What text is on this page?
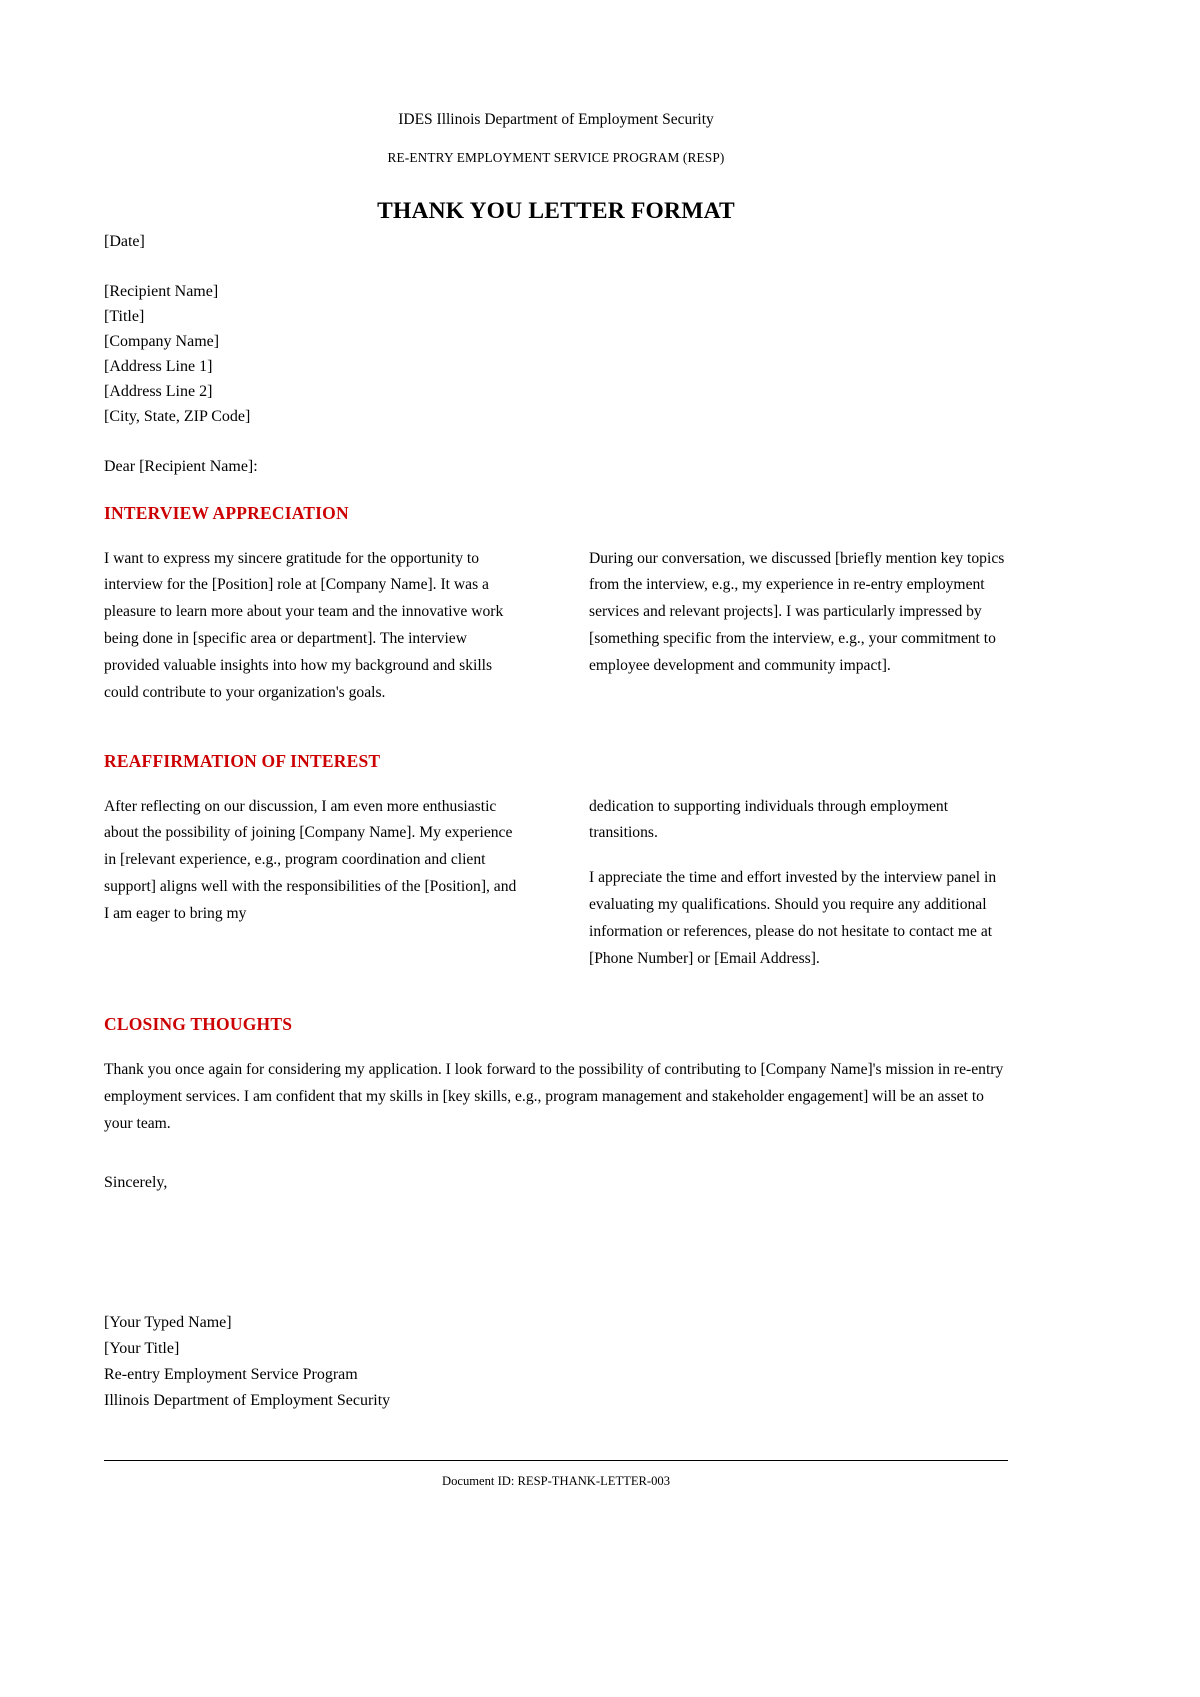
IDES Illinois Department of Employment Security
RE-ENTRY EMPLOYMENT SERVICE PROGRAM (RESP)
THANK YOU LETTER FORMAT
[Date]
[Recipient Name]
[Title]
[Company Name]
[Address Line 1]
[Address Line 2]
[City, State, ZIP Code]
Dear [Recipient Name]:
INTERVIEW APPRECIATION

I want to express my sincere gratitude for the opportunity to interview for the [Position] role at [Company Name]. It was a pleasure to learn more about your team and the innovative work being done in [specific area or department]. The interview provided valuable insights into how my background and skills could contribute to your organization's goals.

During our conversation, we discussed [briefly mention key topics from the interview, e.g., my experience in re-entry employment services and relevant projects]. I was particularly impressed by [something specific from the interview, e.g., your commitment to employee development and community impact].

REAFFIRMATION OF INTEREST

After reflecting on our discussion, I am even more enthusiastic about the possibility of joining [Company Name]. My experience in [relevant experience, e.g., program coordination and client support] aligns well with the responsibilities of the [Position], and I am eager to bring my

dedication to supporting individuals through employment transitions.

I appreciate the time and effort invested by the interview panel in evaluating my qualifications. Should you require any additional information or references, please do not hesitate to contact me at [Phone Number] or [Email Address].

CLOSING THOUGHTS

Thank you once again for considering my application. I look forward to the possibility of contributing to [Company Name]'s mission in re-entry employment services. I am confident that my skills in [key skills, e.g., program management and stakeholder engagement] will be an asset to your team.

Sincerely,
[Your Typed Name]
[Your Title]
Re-entry Employment Service Program
Illinois Department of Employment Security
Document ID: RESP-THANK-LETTER-003
